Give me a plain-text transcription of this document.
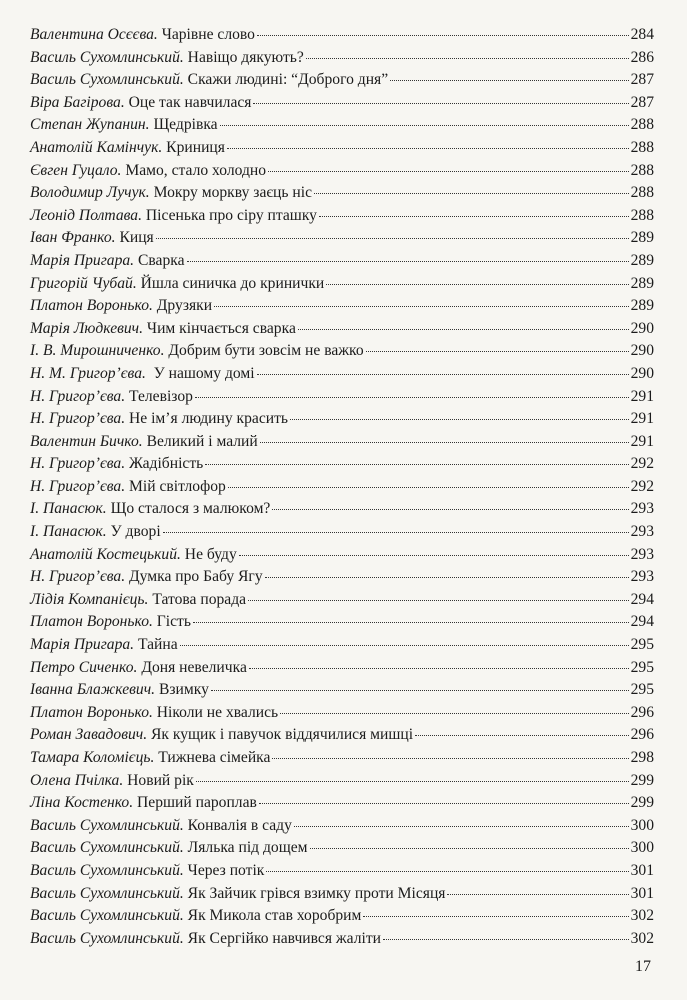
Валентина Осєєва. Чарівне слово	284
Василь Сухомлинський. Навіщо дякують?	286
Василь Сухомлинський. Скажи людині: “Доброго дня”	287
Віра Багірова. Оце так навчилася	287
Степан Жупанин. Щедрівка	288
Анатолій Камінчук. Криниця	288
Євген Гуцало. Мамо, стало холодно	288
Володимир Лучук. Мокру моркву заєць ніс	288
Леонід Полтава. Пісенька про сіру пташку	288
Іван Франко. Киця	289
Марія Пригара. Сварка	289
Григорій Чубай. Йшла синичка до кринички	289
Платон Воронько. Друзяки	289
Марія Людкевич. Чим кінчається сварка	290
І. В. Мирошниченко. Добрим бути зовсім не важко	290
Н. М. Григор’єва. У нашому домі	290
Н. Григор’єва. Телевізор	291
Н. Григор’єва. Не ім’я людину красить	291
Валентин Бичко. Великий і малий	291
Н. Григор’єва. Жадібність	292
Н. Григор’єва. Мій світлофор	292
І. Панасюк. Що сталося з малюком?	293
І. Панасюк. У дворі	293
Анатолій Костецький. Не буду	293
Н. Григор’єва. Думка про Бабу Ягу	293
Лідія Компанієць. Татова порада	294
Платон Воронько. Гість	294
Марія Пригара. Тайна	295
Петро Сиченко. Доня невеличка	295
Іванна Блажкевич. Взимку	295
Платон Воронько. Ніколи не хвались	296
Роман Завадович. Як кущик і павучок віддячилися мишці	296
Тамара Коломієць. Тижнева сімейка	298
Олена Пчілка. Новий рік	299
Ліна Костенко. Перший пароплав	299
Василь Сухомлинський. Конвалія в саду	300
Василь Сухомлинський. Лялька під дощем	300
Василь Сухомлинський. Через потік	301
Василь Сухомлинський. Як Зайчик грівся взимку проти Місяця	301
Василь Сухомлинський. Як Микола став хоробрим	302
Василь Сухомлинський. Як Сергійко навчився жаліти	302
17
